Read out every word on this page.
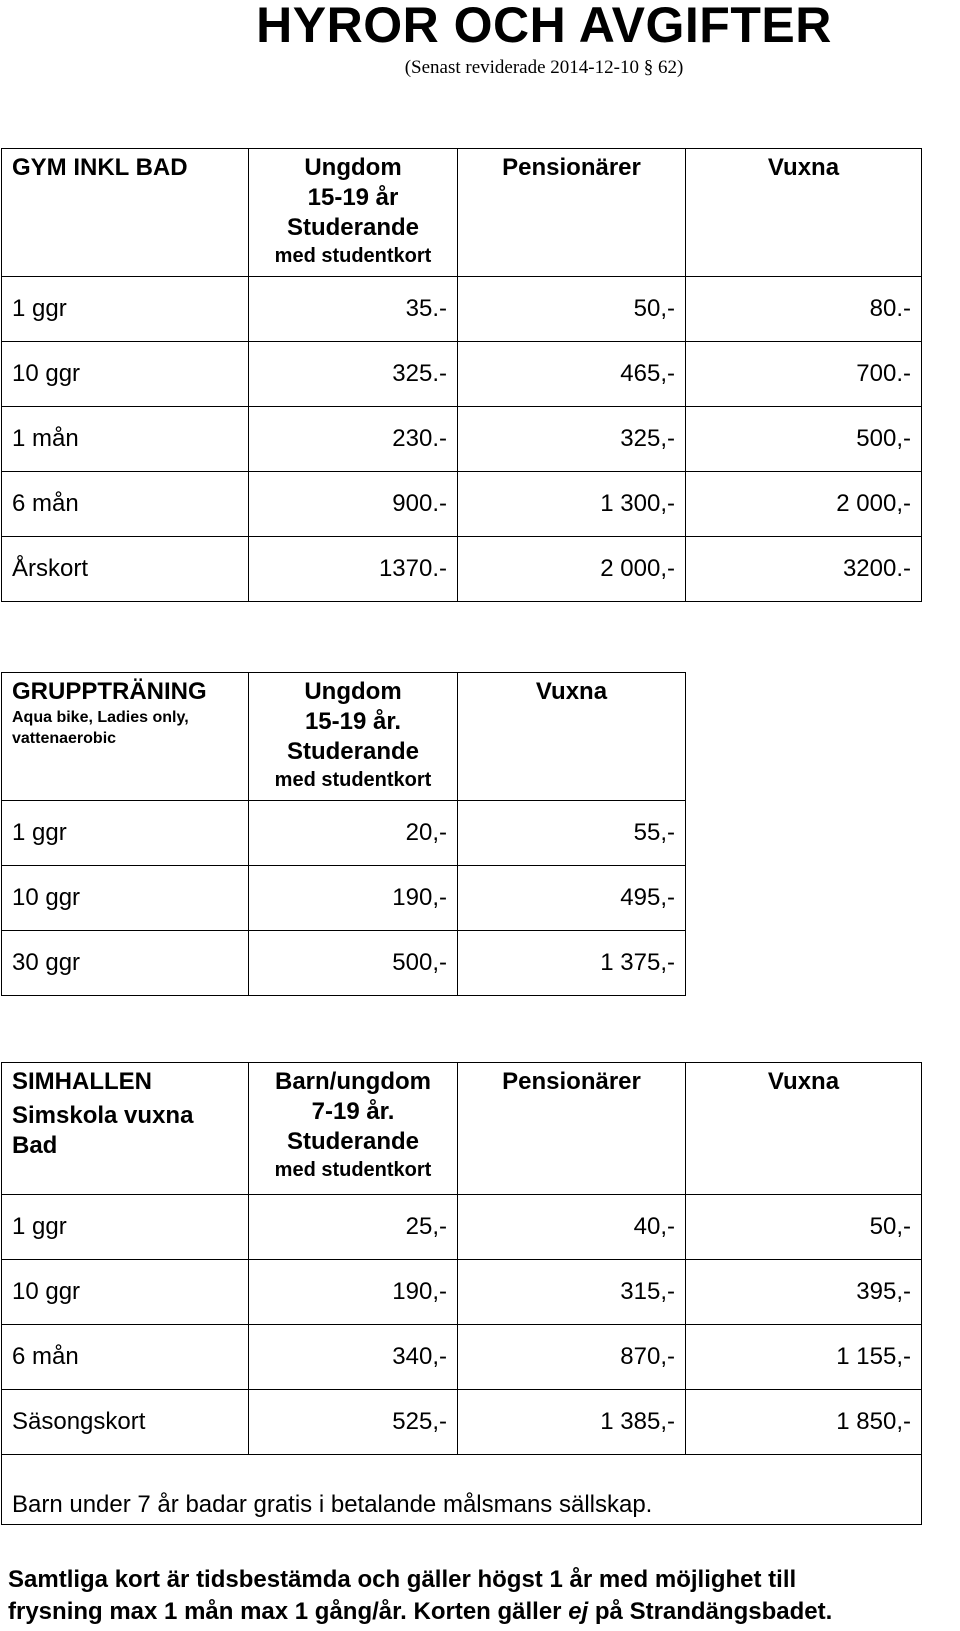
HYROR OCH AVGIFTER
(Senast reviderade 2014-12-10 § 62)
GYM INKL BAD	Ungdom
15-19 år
Studerande
med studentkort	Pensionärer	Vuxna
1 ggr	35.-	50,-	80.-
10 ggr	325.-	465,-	700.-
1 mån	230.-	325,-	500,-
6 mån	900.-	1 300,-	2 000,-
Årskort	1370.-	2 000,-	3200.-
GRUPPTRÄNING
Aqua bike, Ladies only,
vattenaerobic	Ungdom
15-19 år.
Studerande
med studentkort	Vuxna
1 ggr	20,-	55,-
10 ggr	190,-	495,-
30 ggr	500,-	1 375,-
SIMHALLEN
Simskola vuxna
Bad	Barn/ungdom
7-19 år.
Studerande
med studentkort	Pensionärer	Vuxna
1 ggr	25,-	40,-	50,-
10 ggr	190,-	315,-	395,-
6 mån	340,-	870,-	1 155,-
Säsongskort	525,-	1 385,-	1 850,-
Barn under 7 år badar gratis i betalande målsmans sällskap.			
Samtliga kort är tidsbestämda och gäller högst 1 år med möjlighet till
frysning max 1 mån max 1 gång/år. Korten gäller ej på Strandängsbadet.
